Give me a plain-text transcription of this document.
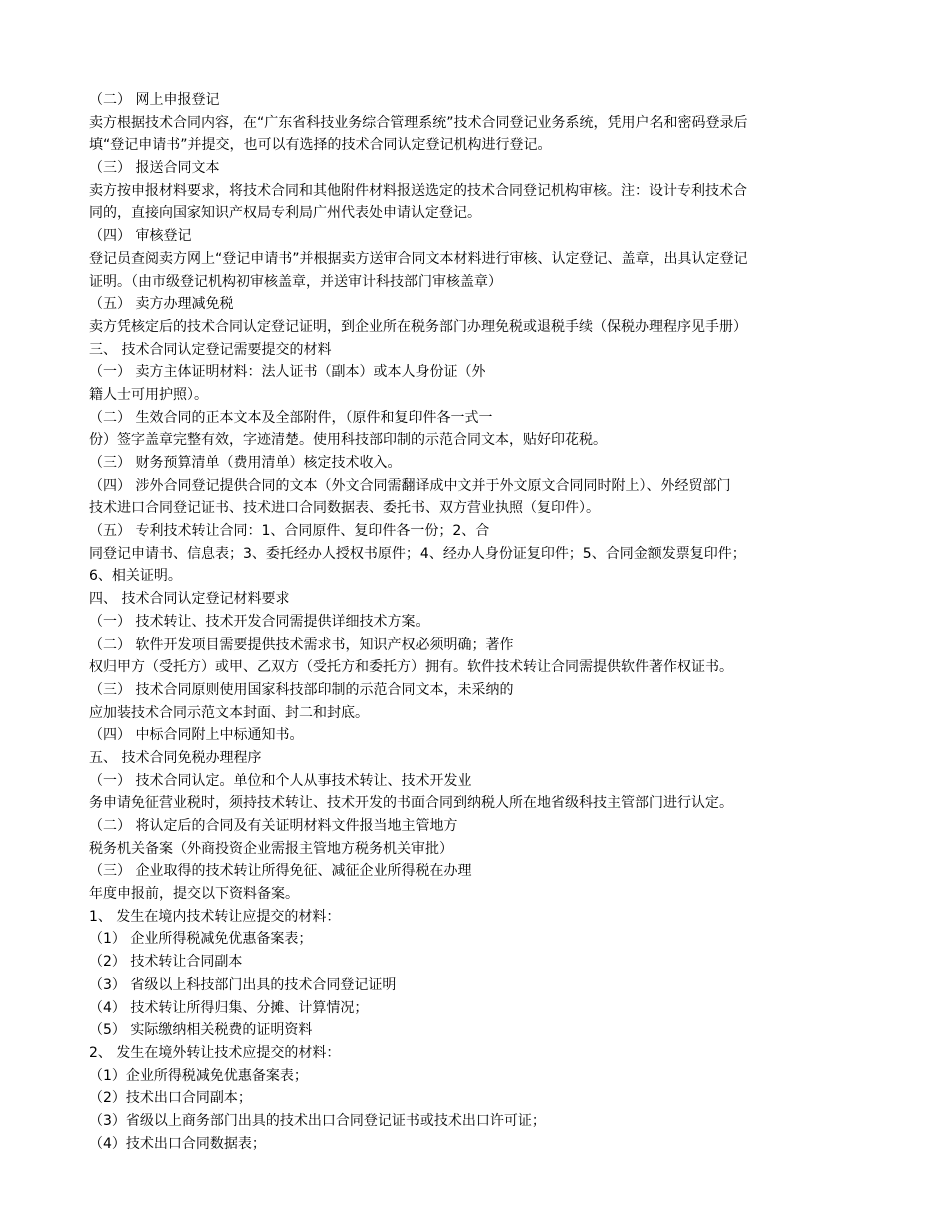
（二） 网上申报登记
卖方根据技术合同内容，在“广东省科技业务综合管理系统”技术合同登记业务系统，凭用户名和密码登录后
填“登记申请书”并提交，也可以有选择的技术合同认定登记机构进行登记。
（三） 报送合同文本
卖方按申报材料要求，将技术合同和其他附件材料报送选定的技术合同登记机构审核。注：设计专利技术合
同的，直接向国家知识产权局专利局广州代表处申请认定登记。
（四） 审核登记
登记员查阅卖方网上“登记申请书”并根据卖方送审合同文本材料进行审核、认定登记、盖章，出具认定登记
证明。（由市级登记机构初审核盖章，并送审计科技部门审核盖章）
（五） 卖方办理减免税
卖方凭核定后的技术合同认定登记证明，到企业所在税务部门办理免税或退税手续（保税办理程序见手册）
三、 技术合同认定登记需要提交的材料
（一） 卖方主体证明材料：法人证书（副本）或本人身份证（外
籍人士可用护照）。
（二） 生效合同的正本文本及全部附件，（原件和复印件各一式一
份）签字盖章完整有效，字迹清楚。使用科技部印制的示范合同文本，贴好印花税。
（三） 财务预算清单（费用清单）核定技术收入。
（四） 涉外合同登记提供合同的文本（外文合同需翻译成中文并于外文原文合同同时附上）、外经贸部门
技术进口合同登记证书、技术进口合同数据表、委托书、双方营业执照（复印件）。
（五） 专利技术转让合同：1、合同原件、复印件各一份；2、合
同登记申请书、信息表；3、委托经办人授权书原件；4、经办人身份证复印件；5、合同金额发票复印件；
6、相关证明。
四、 技术合同认定登记材料要求
（一） 技术转让、技术开发合同需提供详细技术方案。
（二） 软件开发项目需要提供技术需求书，知识产权必须明确；著作
权归甲方（受托方）或甲、乙双方（受托方和委托方）拥有。软件技术转让合同需提供软件著作权证书。
（三） 技术合同原则使用国家科技部印制的示范合同文本，未采纳的
应加装技术合同示范文本封面、封二和封底。
（四） 中标合同附上中标通知书。
五、 技术合同免税办理程序
（一） 技术合同认定。单位和个人从事技术转让、技术开发业
务申请免征营业税时，须持技术转让、技术开发的书面合同到纳税人所在地省级科技主管部门进行认定。
（二） 将认定后的合同及有关证明材料文件报当地主管地方
税务机关备案（外商投资企业需报主管地方税务机关审批）
（三） 企业取得的技术转让所得免征、减征企业所得税在办理
年度申报前，提交以下资料备案。
1、 发生在境内技术转让应提交的材料：
（1） 企业所得税减免优惠备案表；
（2） 技术转让合同副本
（3） 省级以上科技部门出具的技术合同登记证明
（4） 技术转让所得归集、分摊、计算情况；
（5） 实际缴纳相关税费的证明资料
2、 发生在境外转让技术应提交的材料：
（1）企业所得税减免优惠备案表；
（2）技术出口合同副本；
（3）省级以上商务部门出具的技术出口合同登记证书或技术出口许可证；
（4）技术出口合同数据表；
